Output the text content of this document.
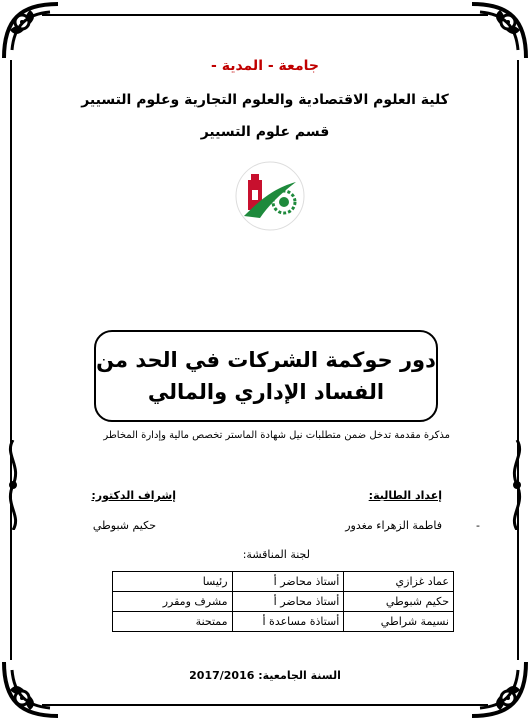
جامعة - المدية -
كلية العلوم الاقتصادية والعلوم التجارية وعلوم التسيير
قسم علوم التسيير
دور حوكمة الشركات في الحد من
الفساد الإداري والمالي
مذكرة مقدمة تدخل ضمن متطلبات نيل شهادة الماستر تخصص مالية وإدارة المخاطر
إعداد الطالبة:
إشراف الدكتور:
فاطمة الزهراء مغدور	-
حكيم شبوطي
لجنة المناقشة:
عماد غزازي	أستاذ محاضر أ	رئيسا
حكيم شبوطي	أستاذ محاضر أ	مشرف ومقرر
نسيمة شراطي	أستاذة مساعدة أ	ممتحنة
السنة الجامعية: 2017/2016
